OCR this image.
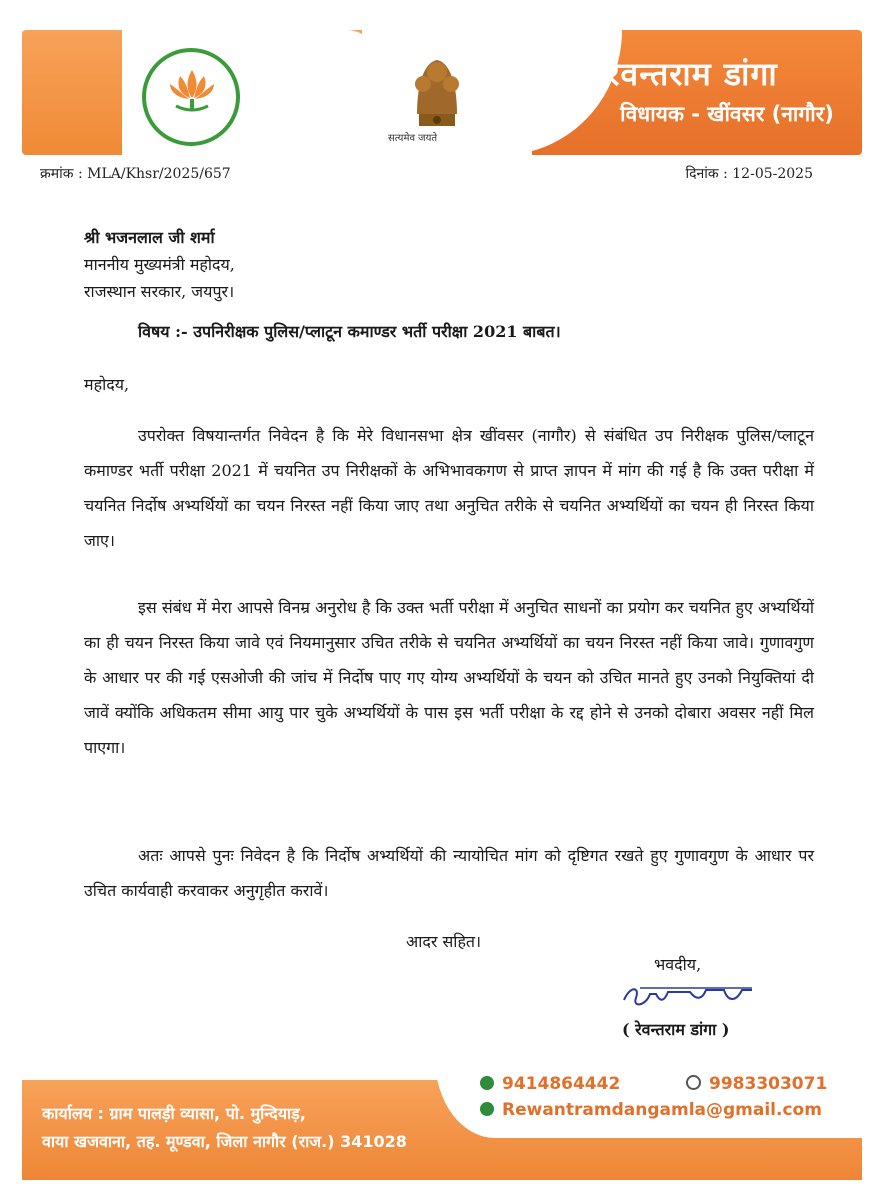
रेवन्तराम डांगा
विधायक - खींवसर (नागौर)
सत्यमेव जयते
क्रमांक : MLA/Khsr/2025/657	दिनांक : 12-05-2025
श्री भजनलाल जी शर्मा
माननीय मुख्यमंत्री महोदय,
राजस्थान सरकार, जयपुर।
विषय :- उपनिरीक्षक पुलिस/प्लाटून कमाण्डर भर्ती परीक्षा 2021 बाबत।
महोदय,
उपरोक्त विषयान्तर्गत निवेदन है कि मेरे विधानसभा क्षेत्र खींवसर (नागौर) से संबंधित उप निरीक्षक पुलिस/प्लाटून कमाण्डर भर्ती परीक्षा 2021 में चयनित उप निरीक्षकों के अभिभावकगण से प्राप्त ज्ञापन में मांग की गई है कि उक्त परीक्षा में चयनित निर्दोष अभ्यर्थियों का चयन निरस्त नहीं किया जाए तथा अनुचित तरीके से चयनित अभ्यर्थियों का चयन ही निरस्त किया जाए।
इस संबंध में मेरा आपसे विनम्र अनुरोध है कि उक्त भर्ती परीक्षा में अनुचित साधनों का प्रयोग कर चयनित हुए अभ्यर्थियों का ही चयन निरस्त किया जावे एवं नियमानुसार उचित तरीके से चयनित अभ्यर्थियों का चयन निरस्त नहीं किया जावे। गुणावगुण के आधार पर की गई एसओजी की जांच में निर्दोष पाए गए योग्य अभ्यर्थियों के चयन को उचित मानते हुए उनको नियुक्तियां दी जावें क्योंकि अधिकतम सीमा आयु पार चुके अभ्यर्थियों के पास इस भर्ती परीक्षा के रद्द होने से उनको दोबारा अवसर नहीं मिल पाएगा।
अतः आपसे पुनः निवेदन है कि निर्दोष अभ्यर्थियों की न्यायोचित मांग को दृष्टिगत रखते हुए गुणावगुण के आधार पर उचित कार्यवाही करवाकर अनुगृहीत करावें।
आदर सहित।
भवदीय,
( रेवन्तराम डांगा )
कार्यालय : ग्राम पालड़ी व्यासा, पो. मुन्दियाड़,
वाया खजवाना, तह. मूण्डवा, जिला नागौर (राज.) 341028
9414864442	9983303071
Rewantramdangamla@gmail.com
